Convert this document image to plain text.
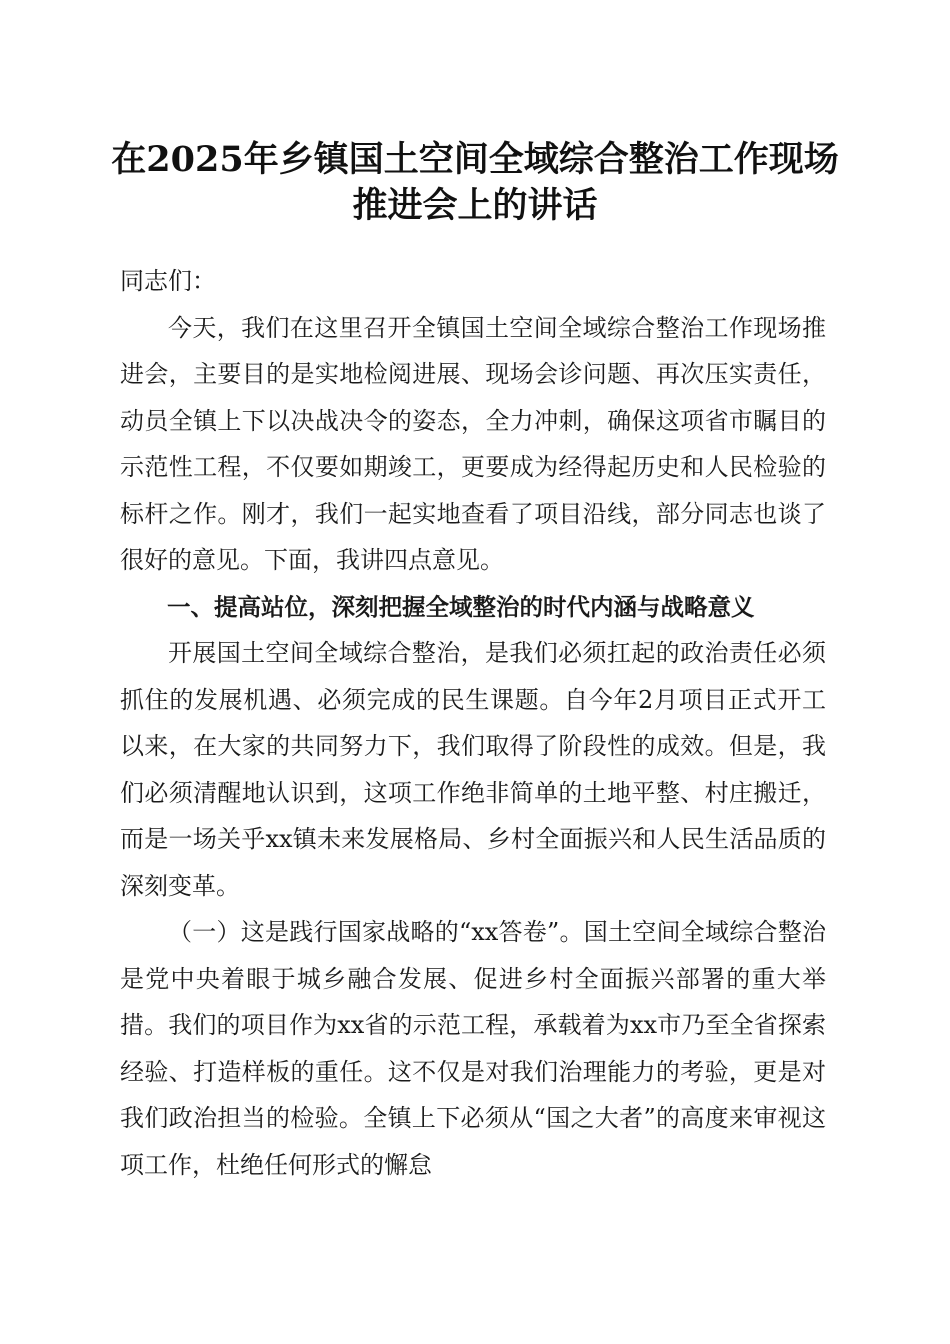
在2025年乡镇国土空间全域综合整治工作现场推进会上的讲话

同志们：

今天，我们在这里召开全镇国土空间全域综合整治工作现场推进会，主要目的是实地检阅进展、现场会诊问题、再次压实责任，动员全镇上下以决战决令的姿态，全力冲刺，确保这项省市瞩目的示范性工程，不仅要如期竣工，更要成为经得起历史和人民检验的标杆之作。刚才，我们一起实地查看了项目沿线，部分同志也谈了很好的意见。下面，我讲四点意见。

一、提高站位，深刻把握全域整治的时代内涵与战略意义

开展国土空间全域综合整治，是我们必须扛起的政治责任必须抓住的发展机遇、必须完成的民生课题。自今年2月项目正式开工以来，在大家的共同努力下，我们取得了阶段性的成效。但是，我们必须清醒地认识到，这项工作绝非简单的土地平整、村庄搬迁，而是一场关乎xx镇未来发展格局、乡村全面振兴和人民生活品质的深刻变革。

（一）这是践行国家战略的“xx答卷”。国土空间全域综合整治是党中央着眼于城乡融合发展、促进乡村全面振兴部署的重大举措。我们的项目作为xx省的示范工程，承载着为xx市乃至全省探索经验、打造样板的重任。这不仅是对我们治理能力的考验，更是对我们政治担当的检验。全镇上下必须从“国之大者”的高度来审视这项工作，杜绝任何形式的懈怠
